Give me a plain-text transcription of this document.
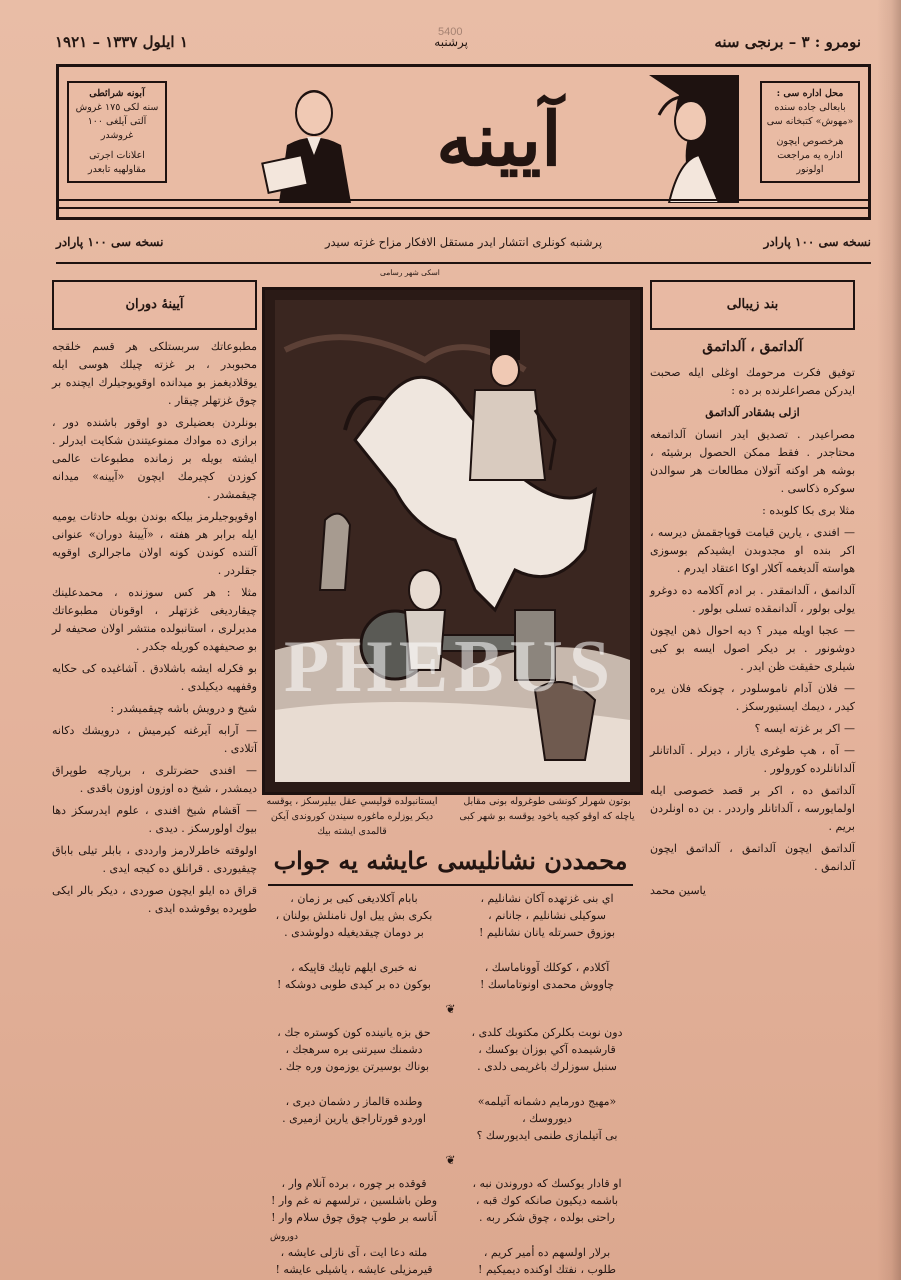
5400
١ ايلول ١٣٣٧ – ١٩٢١	پرشنبه	نومرو : ٣ – برنجی سنه
آبونه شرائطی
سنه لكی ١٧٥ غروش
آلتی آيلغی ١٠٠ غروشدر
اعلانات اجرتی
مقاولهیه تابعدر	آيينه
محل اداره سی :
بابعالی جاده سنده
«مهوش» كتبخانه سی
هرخصوص ايچون
اداره يه مراجعت اولونور
نسخه سی ١٠٠ پارادر	پرشنبه كونلری انتشار ايدر مستقل الافكار مزاح غزته سيدر	نسخه سی ١٠٠ پارادر
اسكی شهر رسامی
آيينهٔ دوران

مطبوعاتك سربستلكی هر قسم خلقجه محبوبدر ، بر غزته چيلك هوسی ايله يوقلاديغمز بو ميدانده اوقويوجيلرك ايچنده بر چوق غزتهلر چيقار .

بونلردن بعضيلری دو اوقور باشنده دور ، برازی ده موادك ممنوعيتندن شكايت ايدرلر . ايشته بويله بر زمانده مطبوعات عالمی كوزدن كچيرمك ايچون «آيينه» ميدانه چيقمشدر .

اوقويوجيلرمز بيلكه بوندن بويله حادثات يوميه ايله برابر هر هفته ، «آيينهٔ دوران» عنوانی آلتنده كوندن كونه اولان ماجرالری اوقويه جقلردر .

مثلا : هر كس سوزنده ، محمدعلينك چيقاردیغی غزتهلر ، اوقونان مطبوعاتك مديرلری ، استانبولده منتشر اولان صحيفه لر بو صحيفهده كوريله جكدر .

بو فكرله ايشه باشلادق . آشاغيده كی حكايه وقفهيه ديكيلدی .

شيخ و درويش باشه چيقميشدر :

— آرابه آيرغنه كيرميش ، درويشك دكانه آتلادی .

— افندی حضرتلری ، برپارچه طوپراق ديمشدر ، شيخ ده اوزون اوزون باقدی .

— آقشام شيخ افندی ، علوم ايدرسكز دها بيوك اولورسكز . ديدی .

اولوقته خاطرلارمز وارددی ، بابلر تيلی باباق چيقيوردی . قرانلق ده كيجه ايدی .

قراق ده ايلو ايچون صوردی ، ديكر بالر ايكی طوپرده يوقوشده ايدی .

PHEBUS
بوتون شهرلر كونشی طوغروله بونی مقابل ياچله كه اوقو كچيه ياخود يوقسه بو شهر كبی
ايستانبولده قوليسي عقل بيليرسكز ، يوقسه ديكر يوزلره ماغوره سيندن كوروندی آيكن قالمدی ايشته بيك
محمددن نشانليسی عايشه يه جواب
اي بنی غزتهده آكان نشانليم ،
سوكيلی نشانليم ، جانانم ،
بوزوق حسرتله يانان نشانليم !
بابام آكلاديغی كبی بر زمان ،
بكری بش ييل اول نامنلش بولنان ،
بر دومان چيقديغيله دولوشدی .
آكلادم ، كوكلك آووناماسك ،
چاووش محمدی اونوتاماسك !
نه خبری ايلهم تاپيك قاپيكه ،
بوكون ده بر كيدی طوبی دوشكه !
❦
دون نوبت بكلركن مكتوبك كلدی ،
قارشيمده آكي بوزان بوكسك ،
سنبل سوزلرك باغريمی دلدی .
حق بزه يانينده كون كوستره جك ،
دشمنك سيرتنی بره سرهجك ،
بوناك بوسيرتن يوزمون وره جك .
«مهيج دورمايم دشمانه آتيلمه» ديوروسك ،
بی آتيلمازی طنمی ايديورسك ؟
وطنده قالماز ر دشمان ديری ،
اوردو قورتاراجق يارين ازميری .
❦
او قادار يوكسك كه دوروندن نبه ،
باشمه ديكيون صانكه كوك قبه ،
راحتی بولده ، چوق شكر ربه .
قوقده بر چوره ، برده آنلام وار ،
وطن باشلسين ، ترلسهم نه غم وار !
آناسه بر طوپ چوق چوق سلام وار !
برلار اولسهم ده أمير كريم ،
طلوب ، نفتك اوكنده ديميكيم !
ملته دعا ايت ، آی نازلی عايشه ،
قيرمزيلی عايشه ، ياشيلی عايشه !
دوروش
بند زيبالی
آلداتمق ، آلداتمق

توفيق فكرت مرحومك اوغلی ايله صحبت ايدركن مصراعلرنده بر ده :

ازلی بشقادر آلداتمق

مصراعيدر . تصديق ايدر انسان آلداتمغه محتاجدر . فقط ممكن الحصول برشيئه ، بوشه هر اوكنه آتولان مطالعات هر سوالدن سوكره ذكاسی .

مثلا بری بكا كلوبده :

— افندی ، يارين قيامت قوپاجقمش ديرسه ، اكر بنده او مجدوبدن ايشيدكم بوسوزی هواسته آلديغمه آكلار اوكا اعتقاد ايدرم .

آلدانمق ، آلدانمقدر . بر ادم آكلامه ده دوغرو يولی بولور ، آلدانمقده تسلی بولور .

— عجبا اويله ميدر ؟ ديه احوال ذهن ايچون دوشونور . بر ديكر اصول ايسه بو كبی شيلری حقيقت ظن ايدر .

— فلان آدام ناموسلودر ، چونكه فلان يره كيدر ، ديمك ايستيورسكز .

— اكر بر غزته ايسه ؟

— آه ، هپ طوغری يازار ، ديرلر . آلداتانلر آلدانانلرده كورولور .

آلداتمق ده ، اكر بر قصد خصوصی ايله اولمايورسه ، آلداتانلر وارددر . بن ده اونلردن بريم .

آلداتمق ايچون آلداتمق ، آلداتمق ايچون آلدانمق .

ياسين محمد
